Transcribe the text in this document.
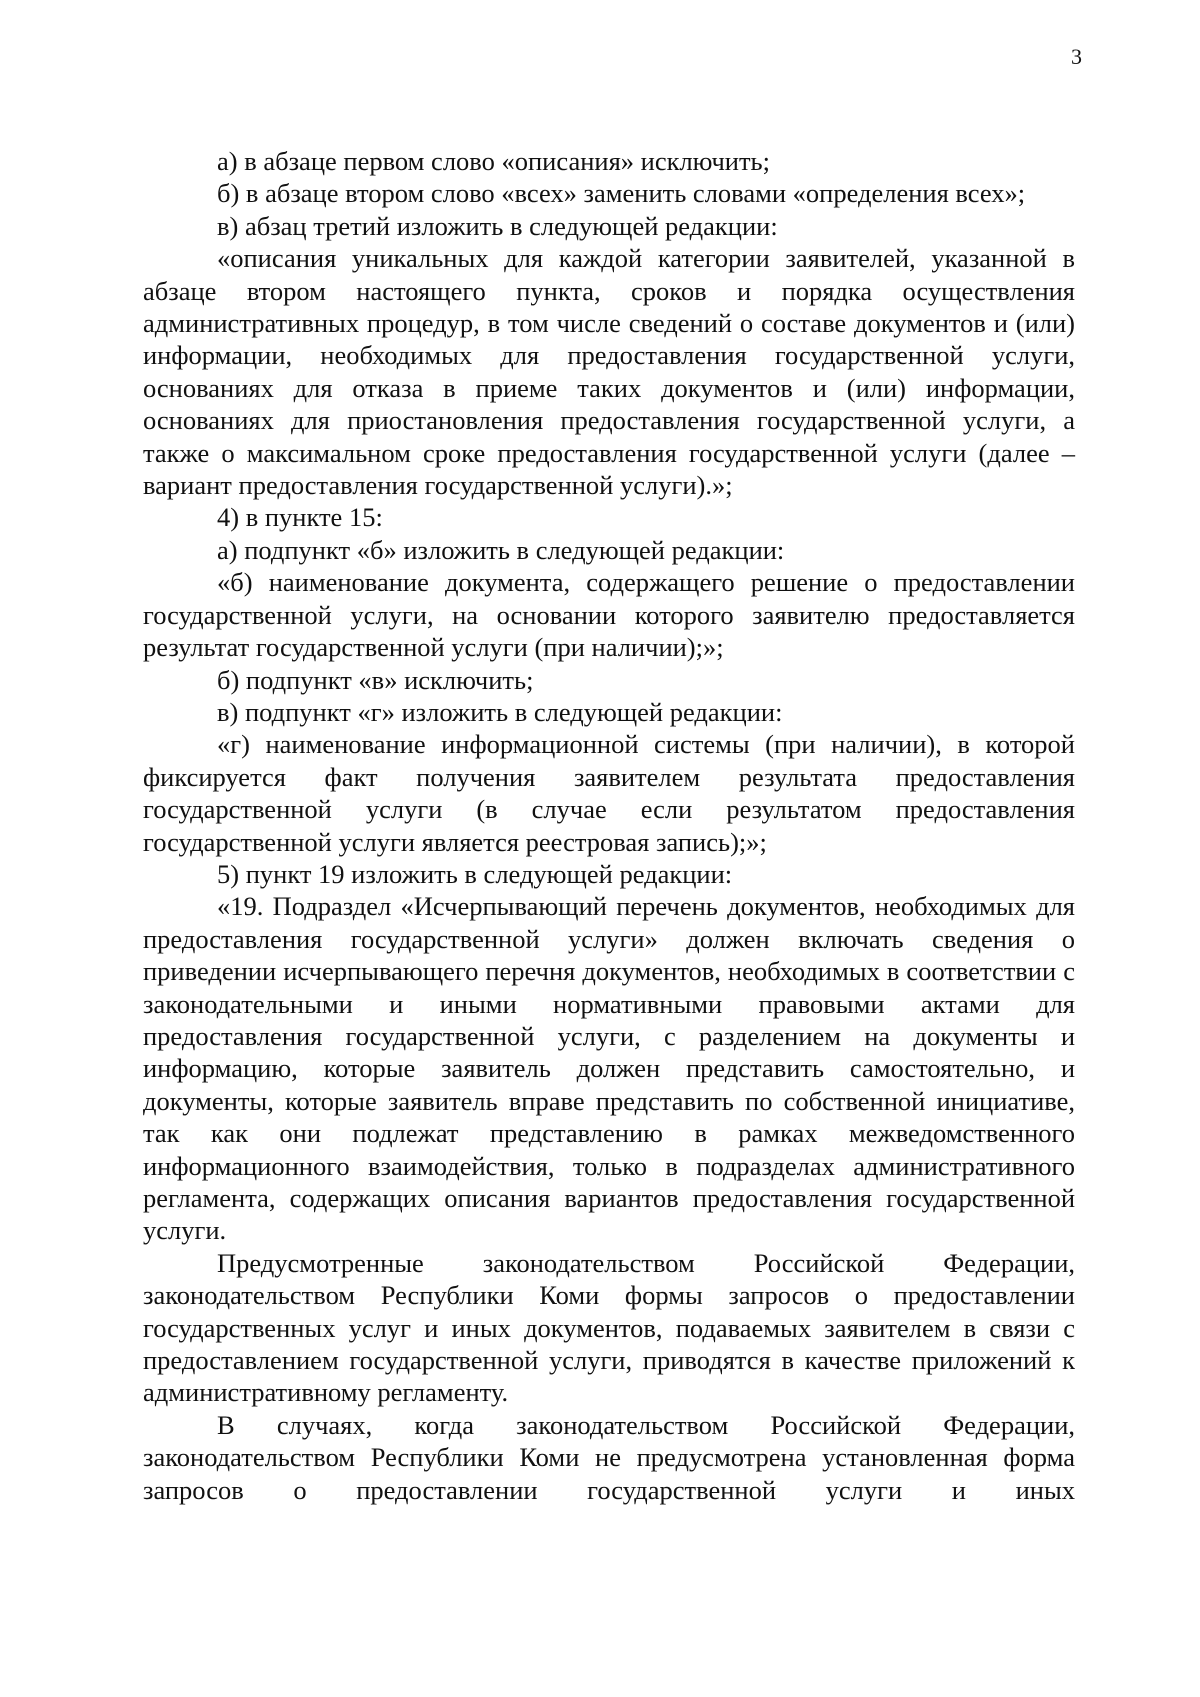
3

а) в абзаце первом слово «описания» исключить;

б) в абзаце втором слово «всех» заменить словами «определения всех»;

в) абзац третий изложить в следующей редакции:

«описания уникальных для каждой категории заявителей, указанной в абзаце втором настоящего пункта, сроков и порядка осуществления административных процедур, в том числе сведений о составе документов и (или) информации, необходимых для предоставления государственной услуги, основаниях для отказа в приеме таких документов и (или) информации, основаниях для приостановления предоставления государственной услуги, а также о максимальном сроке предоставления государственной услуги (далее – вариант предоставления государственной услуги).»;

4) в пункте 15:

а) подпункт «б» изложить в следующей редакции:

«б) наименование документа, содержащего решение о предоставлении государственной услуги, на основании которого заявителю предоставляется результат государственной услуги (при наличии);»;

б) подпункт «в» исключить;

в) подпункт «г» изложить в следующей редакции:

«г) наименование информационной системы (при наличии), в которой фиксируется факт получения заявителем результата предоставления государственной услуги (в случае если результатом предоставления государственной услуги является реестровая запись);»;

5) пункт 19 изложить в следующей редакции:

«19. Подраздел «Исчерпывающий перечень документов, необходимых для предоставления государственной услуги» должен включать сведения о приведении исчерпывающего перечня документов, необходимых в соответствии с законодательными и иными нормативными правовыми актами для предоставления государственной услуги, с разделением на документы и информацию, которые заявитель должен представить самостоятельно, и документы, которые заявитель вправе представить по собственной инициативе, так как они подлежат представлению в рамках межведомственного информационного взаимодействия, только в подразделах административного регламента, содержащих описания вариантов предоставления государственной услуги.

Предусмотренные законодательством Российской Федерации, законодательством Республики Коми формы запросов о предоставлении государственных услуг и иных документов, подаваемых заявителем в связи с предоставлением государственной услуги, приводятся в качестве приложений к административному регламенту.

В случаях, когда законодательством Российской Федерации, законодательством Республики Коми не предусмотрена установленная форма запросов о предоставлении государственной услуги и иных
